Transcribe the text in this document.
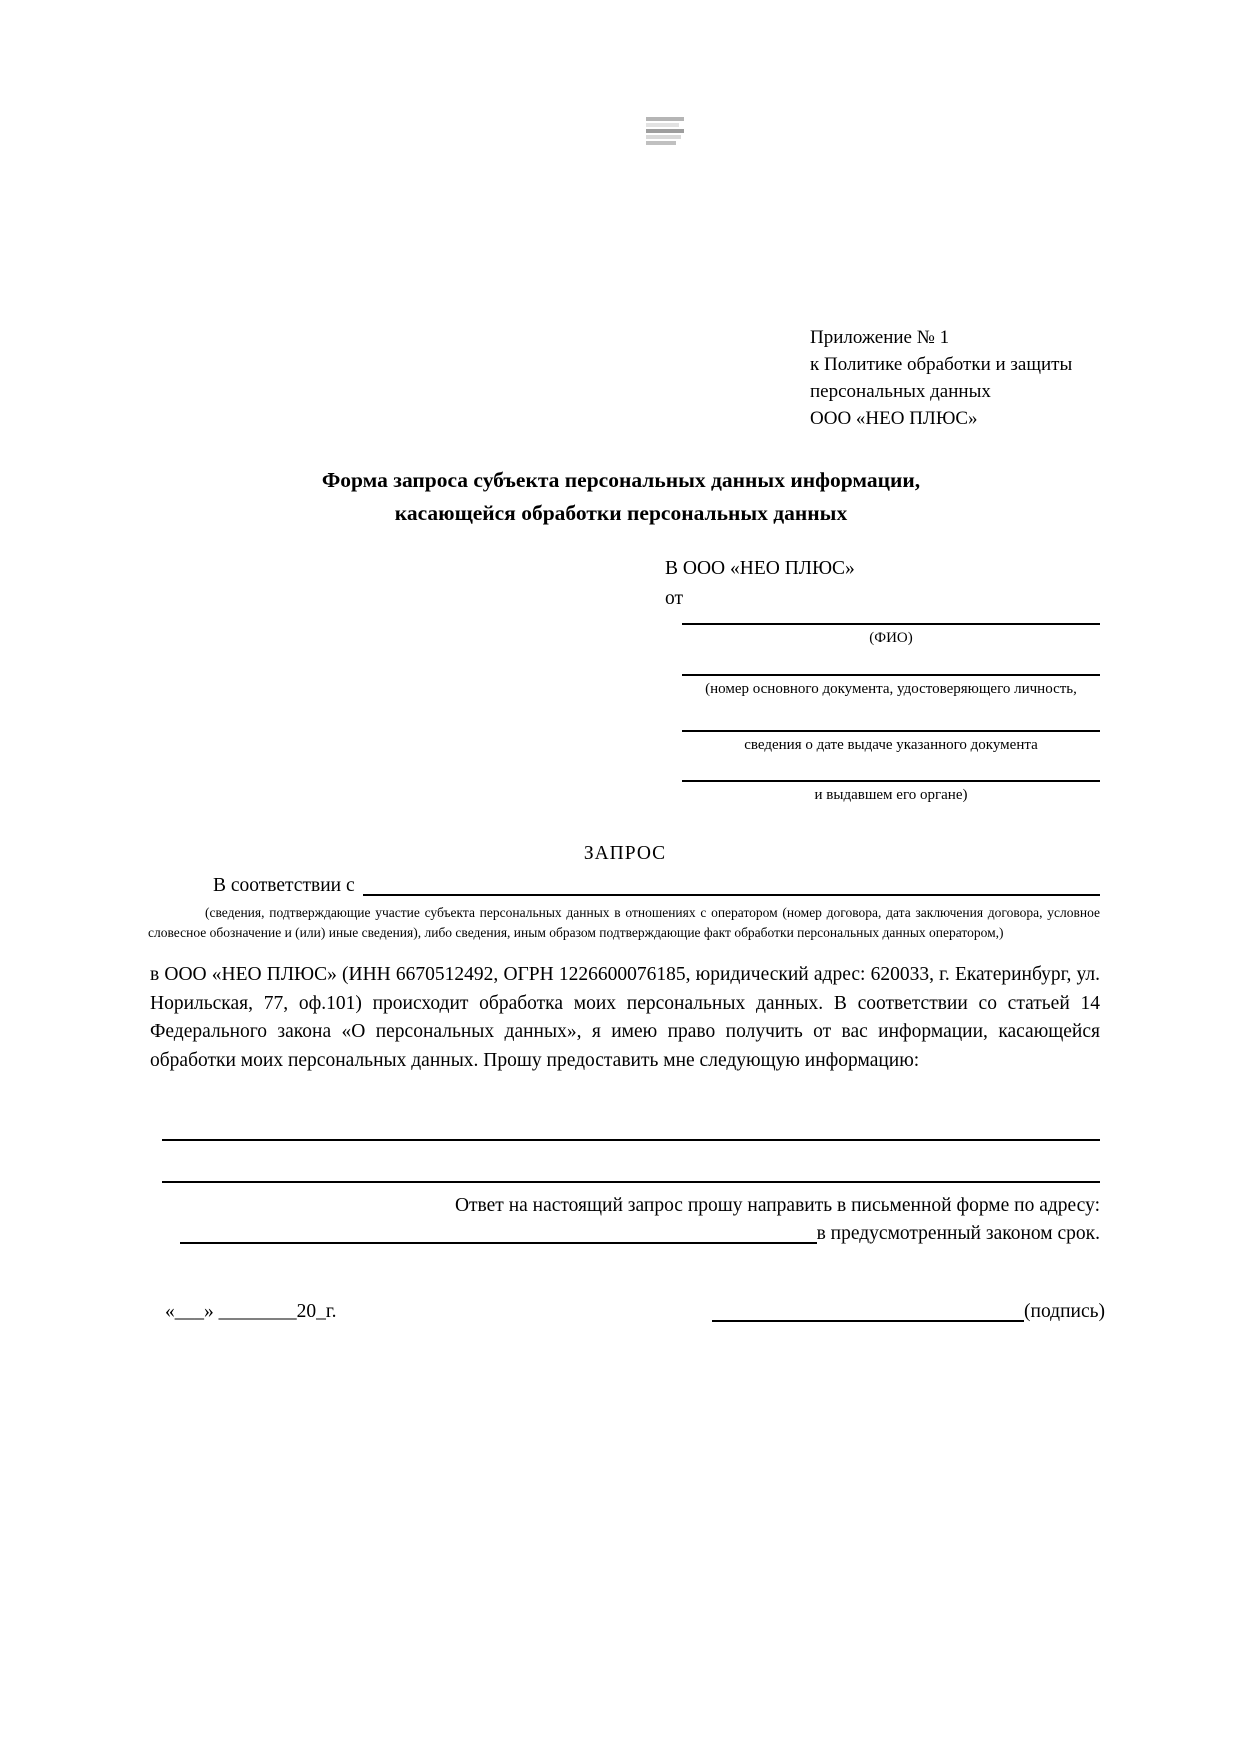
Приложение № 1
к Политике обработки и защиты
персональных данных
ООО «НЕО ПЛЮС»
Форма запроса субъекта персональных данных информации,
касающейся обработки персональных данных
В ООО «НЕО ПЛЮС»
от
(ФИО)
(номер основного документа, удостоверяющего личность,
сведения о дате выдаче указанного документа
и выдавшем его органе)
ЗАПРОС
В соответствии с
(сведения, подтверждающие участие субъекта персональных данных в отношениях с оператором (номер договора, дата заключения договора, условное словесное обозначение и (или) иные сведения), либо сведения, иным образом подтверждающие факт обработки персональных данных оператором,)
в ООО «НЕО ПЛЮС» (ИНН 6670512492, ОГРН 1226600076185, юридический адрес: 620033, г. Екатеринбург, ул. Норильская, 77, оф.101) происходит обработка моих персональных данных. В соответствии со статьей 14 Федерального закона «О персональных данных», я имею право получить от вас информации, касающейся обработки моих персональных данных. Прошу предоставить мне следующую информацию:
Ответ на настоящий запрос прошу направить в письменной форме по адресу:
в предусмотренный законом срок.
«___» ________20_г.	(подпись)
